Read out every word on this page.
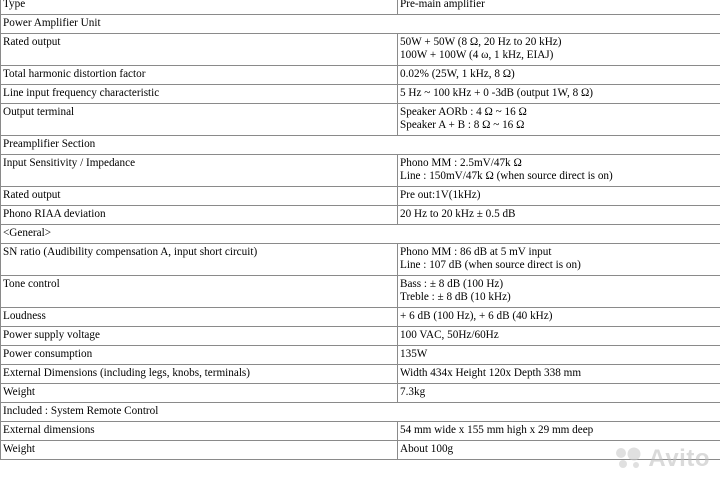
Type	Pre-main amplifier

Power Amplifier Unit	
Rated output	50W + 50W (8 Ω, 20 Hz to 20 kHz)
100W + 100W (4 ω, 1 kHz, EIAJ)

Total harmonic distortion factor	0.02% (25W, 1 kHz, 8 Ω)

Line input frequency characteristic	5 Hz ~ 100 kHz + 0 -3dB (output 1W, 8 Ω)

Output terminal	Speaker AORb : 4 Ω ~ 16 Ω
Speaker A + B : 8 Ω ~ 16 Ω

Preamplifier Section	
Input Sensitivity / Impedance	Phono MM : 2.5mV/47k Ω
Line : 150mV/47k Ω (when source direct is on)

Rated output	Pre out:1V(1kHz)

Phono RIAA deviation	20 Hz to 20 kHz ± 0.5 dB

<General>	
SN ratio (Audibility compensation A, input short circuit)	Phono MM : 86 dB at 5 mV input
Line : 107 dB (when source direct is on)

Tone control	Bass : ± 8 dB (100 Hz)
Treble : ± 8 dB (10 kHz)

Loudness	+ 6 dB (100 Hz), + 6 dB (40 kHz)

Power supply voltage	100 VAC, 50Hz/60Hz

Power consumption	135W

External Dimensions (including legs, knobs, terminals)	Width 434x Height 120x Depth 338 mm

Weight	7.3kg

Included : System Remote Control	
External dimensions	54 mm wide x 155 mm high x 29 mm deep

Weight	About 100g	Avito
